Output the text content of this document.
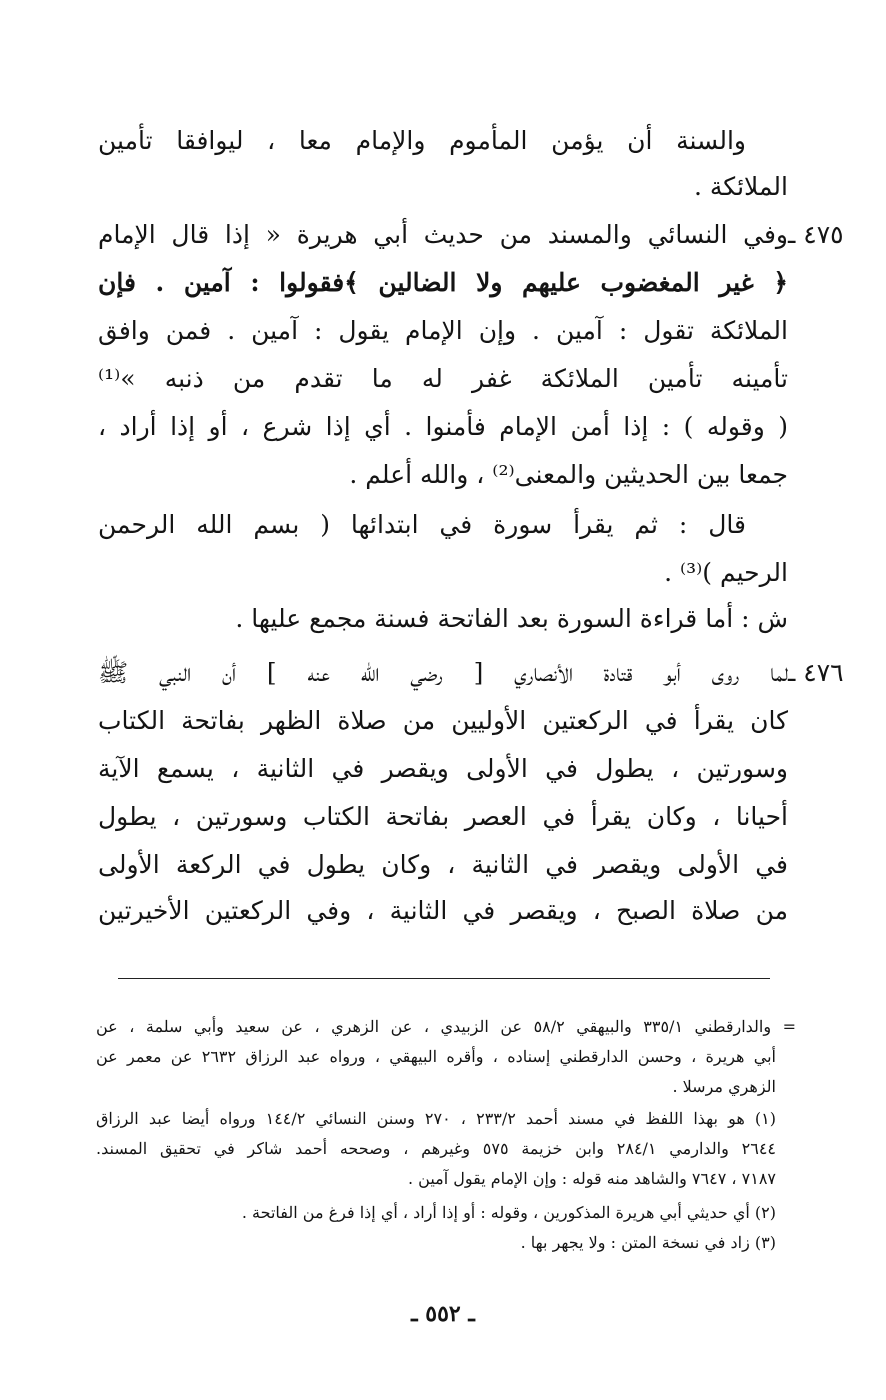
والسنة أن يؤمن المأموم والإمام معا ، ليوافقا تأمين
الملائكة .
٤٧٥ ـ
وفي النسائي والمسند من حديث أبي هريرة « إذا قال الإمام
﴿ غير المغضوب عليهم ولا الضالين ﴾فقولوا : آمين . فإن
الملائكة تقول : آمين . وإن الإمام يقول : آمين . فمن وافق
تأمينه تأمين الملائكة غفر له ما تقدم من ذنبه »⁽¹⁾
( وقوله ) : إذا أمن الإمام فأمنوا . أي إذا شرع ، أو إذا أراد ،
جمعا بين الحديثين والمعنى⁽²⁾ ، والله أعلم .
قال : ثم يقرأ سورة في ابتدائها ( بسم الله الرحمن
الرحيم )⁽³⁾ .
ش : أما قراءة السورة بعد الفاتحة فسنة مجمع عليها .
٤٧٦ ـ
لما روى أبو قتادة الأنصاري [ رضي الله عنه ] أن النبي ﷺ
كان يقرأ في الركعتين الأوليين من صلاة الظهر بفاتحة الكتاب
وسورتين ، يطول في الأولى ويقصر في الثانية ، يسمع الآية
أحيانا ، وكان يقرأ في العصر بفاتحة الكتاب وسورتين ، يطول
في الأولى ويقصر في الثانية ، وكان يطول في الركعة الأولى
من صلاة الصبح ، ويقصر في الثانية ، وفي الركعتين الأخيرتين
= والدارقطني ٣٣٥/١ والبيهقي ٥٨/٢ عن الزبيدي ، عن الزهري ، عن سعيد وأبي سلمة ، عن
أبي هريرة ، وحسن الدارقطني إسناده ، وأقره البيهقي ، ورواه عبد الرزاق ٢٦٣٢ عن معمر عن
الزهري مرسلا .
(١) هو بهذا اللفظ في مسند أحمد ٢٣٣/٢ ، ٢٧٠ وسنن النسائي ١٤٤/٢ ورواه أيضا عبد الرزاق
٢٦٤٤ والدارمي ٢٨٤/١ وابن خزيمة ٥٧٥ وغيرهم ، وصححه أحمد شاكر في تحقيق المسند.
٧١٨٧ ، ٧٦٤٧ والشاهد منه قوله : وإن الإمام يقول آمين .
(٢) أي حديثي أبي هريرة المذكورين ، وقوله : أو إذا أراد ، أي إذا فرغ من الفاتحة .
(٣) زاد في نسخة المتن : ولا يجهر بها .
ـ ٥٥٢ ـ
